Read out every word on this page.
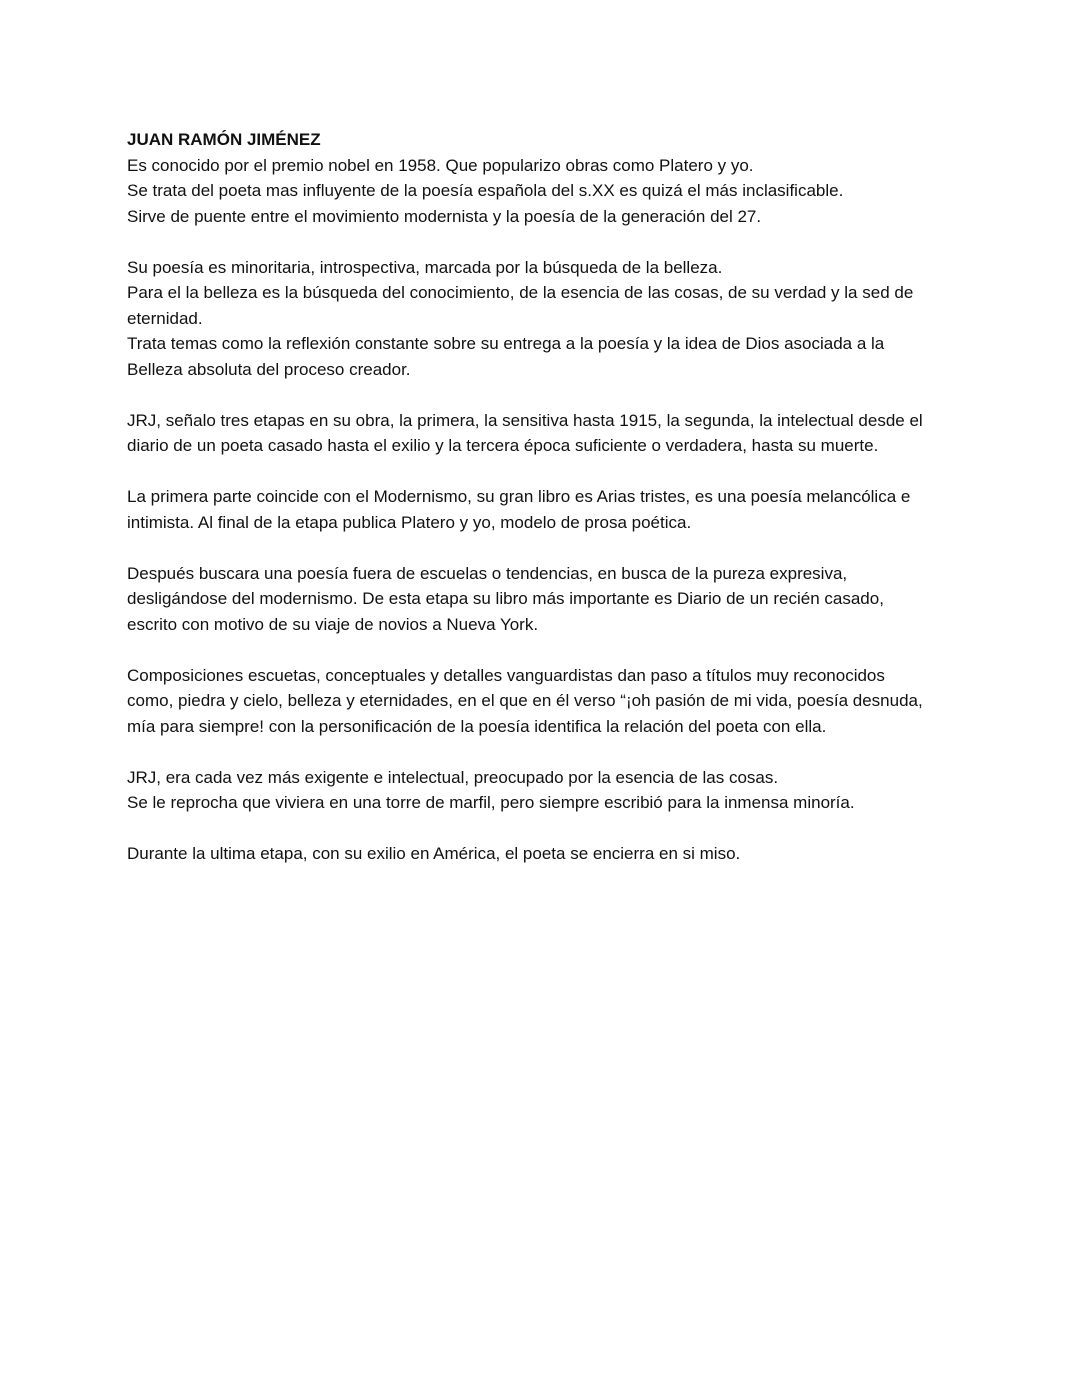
JUAN RAMÓN JIMÉNEZ

Es conocido por el premio nobel en 1958. Que popularizo obras como Platero y yo.
Se trata del poeta mas influyente de la poesía española del s.XX es quizá el más inclasificable.
Sirve de puente entre el movimiento modernista y la poesía de la generación del 27.

Su poesía es minoritaria, introspectiva, marcada por la búsqueda de la belleza.
Para el la belleza es la búsqueda del conocimiento, de la esencia de las cosas, de su verdad y la sed de
eternidad.
Trata temas como la reflexión constante sobre su entrega a la poesía y la idea de Dios asociada a la
Belleza absoluta del proceso creador.

JRJ, señalo tres etapas en su obra, la primera, la sensitiva hasta 1915, la segunda, la intelectual desde el
diario de un poeta casado hasta el exilio y la tercera época suficiente o verdadera, hasta su muerte.

La primera parte coincide con el Modernismo, su gran libro es Arias tristes, es una poesía melancólica e
intimista. Al final de la etapa publica Platero y yo, modelo de prosa poética.

Después buscara una poesía fuera de escuelas o tendencias, en busca de la pureza expresiva,
desligándose del modernismo. De esta etapa su libro más importante es Diario de un recién casado,
escrito con motivo de su viaje de novios a Nueva York.

Composiciones escuetas, conceptuales y detalles vanguardistas dan paso a títulos muy reconocidos
como, piedra y cielo, belleza y eternidades, en el que en él verso “¡oh pasión de mi vida, poesía desnuda,
mía para siempre! con la personificación de la poesía identifica la relación del poeta con ella.

JRJ, era cada vez más exigente e intelectual, preocupado por la esencia de las cosas.
Se le reprocha que viviera en una torre de marfil, pero siempre escribió para la inmensa minoría.

Durante la ultima etapa, con su exilio en América, el poeta se encierra en si miso.
